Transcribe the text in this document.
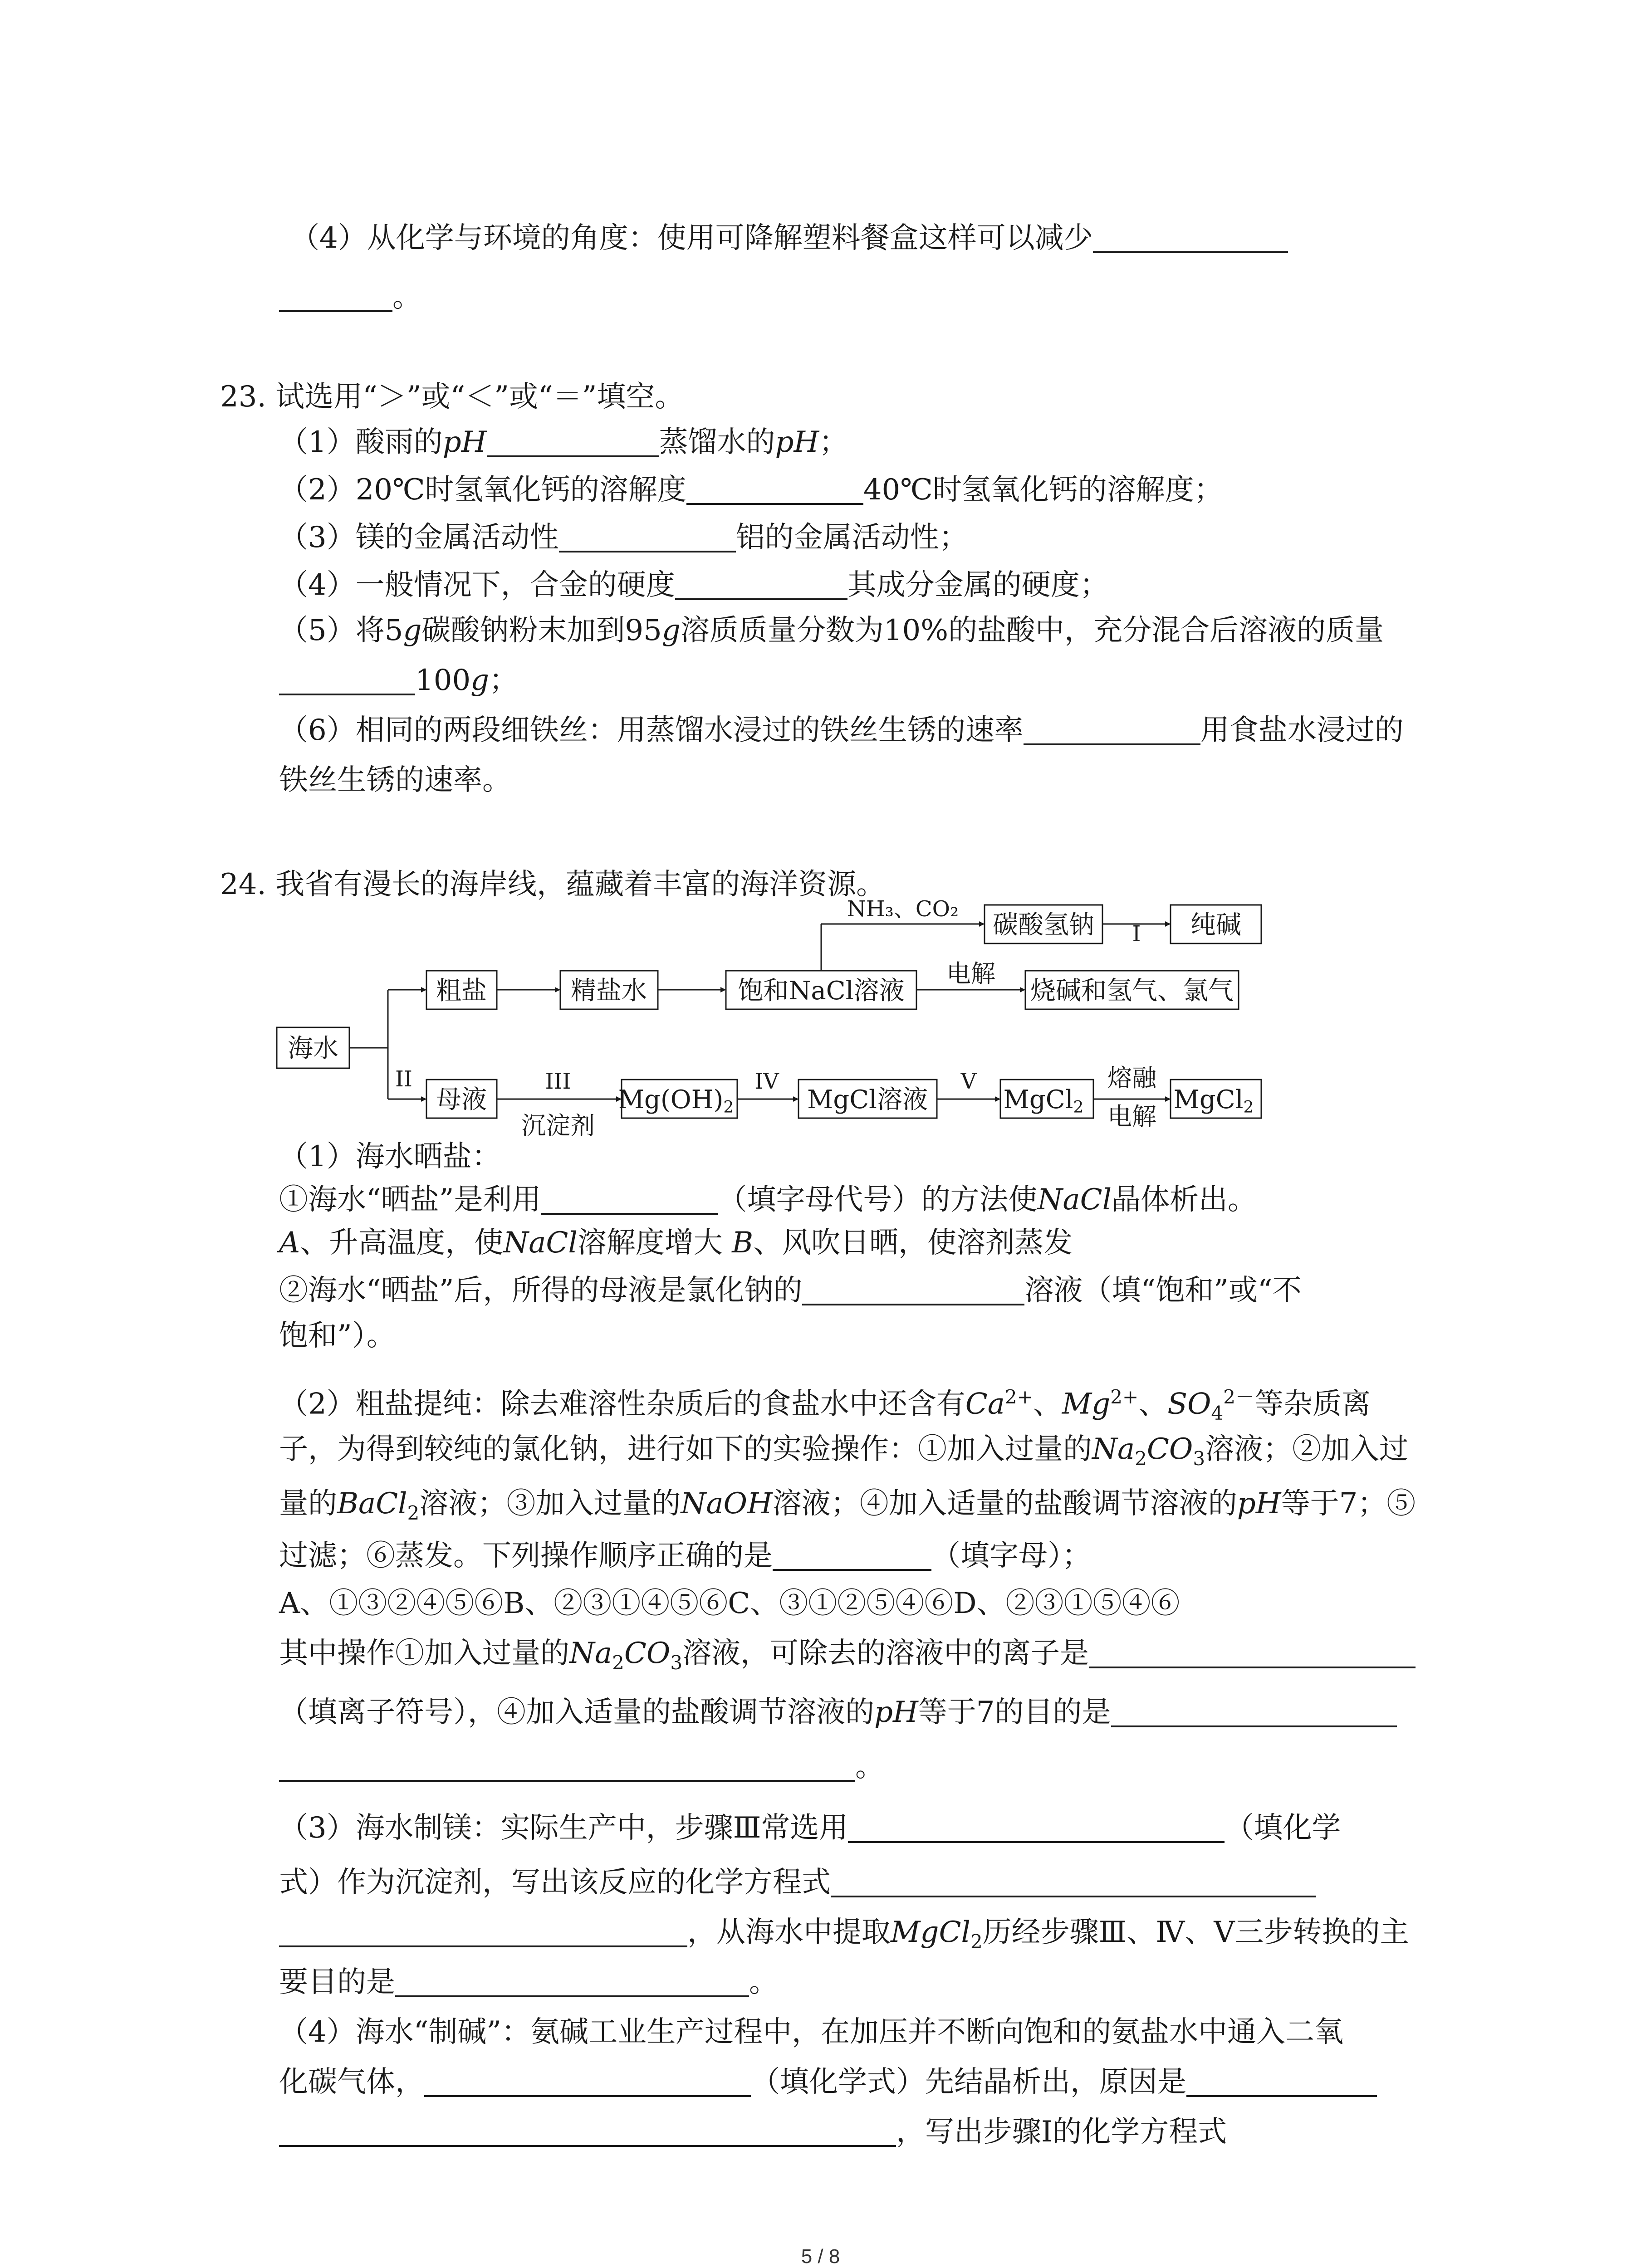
（4）从化学与环境的角度：使用可降解塑料餐盒这样可以减少
。
23. 试选用“＞”或“＜”或“＝”填空。
（1）酸雨的pH	蒸馏水的pH；
（2）20℃时氢氧化钙的溶解度	40℃时氢氧化钙的溶解度；
（3）镁的金属活动性	铝的金属活动性；
（4）一般情况下，合金的硬度	其成分金属的硬度；
（5）将5g碳酸钠粉末加到95g溶质质量分数为10%的盐酸中，充分混合后溶液的质量
100g；
（6）相同的两段细铁丝：用蒸馏水浸过的铁丝生锈的速率	用食盐水浸过的
铁丝生锈的速率。
24. 我省有漫长的海岸线，蕴藏着丰富的海洋资源。
海水
粗盐	精盐水	饱和NaCl溶液
碳酸氢钠	纯碱
烧碱和氢气、氯气
母液	Mg(OH)2	MgCl溶液	MgCl2	MgCl2
NH₃、CO₂
I
II	III	IV	V
沉淀剂
电解
熔融
电解
（1）海水晒盐：
①海水“晒盐”是利用	（填字母代号）的方法使NaCl晶体析出。
A、升高温度，使NaCl溶解度增大 B、风吹日晒，使溶剂蒸发
②海水“晒盐”后，所得的母液是氯化钠的	溶液（填“饱和”或“不
饱和”）。
（2）粗盐提纯：除去难溶性杂质后的食盐水中还含有$Ca^{2+}$、$Mg^{2+}$、$SO_4^{2-}$等杂质离
子，为得到较纯的氯化钠，进行如下的实验操作：①加入过量的$Na_2CO_3$溶液；②加入过
量的BaCl$_2$溶液；③加入过量的NaOH溶液；④加入适量的盐酸调节溶液的pH等于7；⑤
过滤；⑥蒸发。下列操作顺序正确的是	（填字母）；
A、①③②④⑤⑥B、②③①④⑤⑥C、③①②⑤④⑥D、②③①⑤④⑥
其中操作①加入过量的$Na_2CO_3$溶液，可除去的溶液中的离子是
（填离子符号），④加入适量的盐酸调节溶液的pH等于7的目的是
。
（3）海水制镁：实际生产中，步骤Ⅲ常选用	（填化学
式）作为沉淀剂，写出该反应的化学方程式
，从海水中提取MgCl$_2$历经步骤Ⅲ、Ⅳ、Ⅴ三步转换的主
要目的是	。
（4）海水“制碱”：氨碱工业生产过程中，在加压并不断向饱和的氨盐水中通入二氧
化碳气体，	（填化学式）先结晶析出，原因是
，写出步骤Ⅰ的化学方程式
5 / 8
